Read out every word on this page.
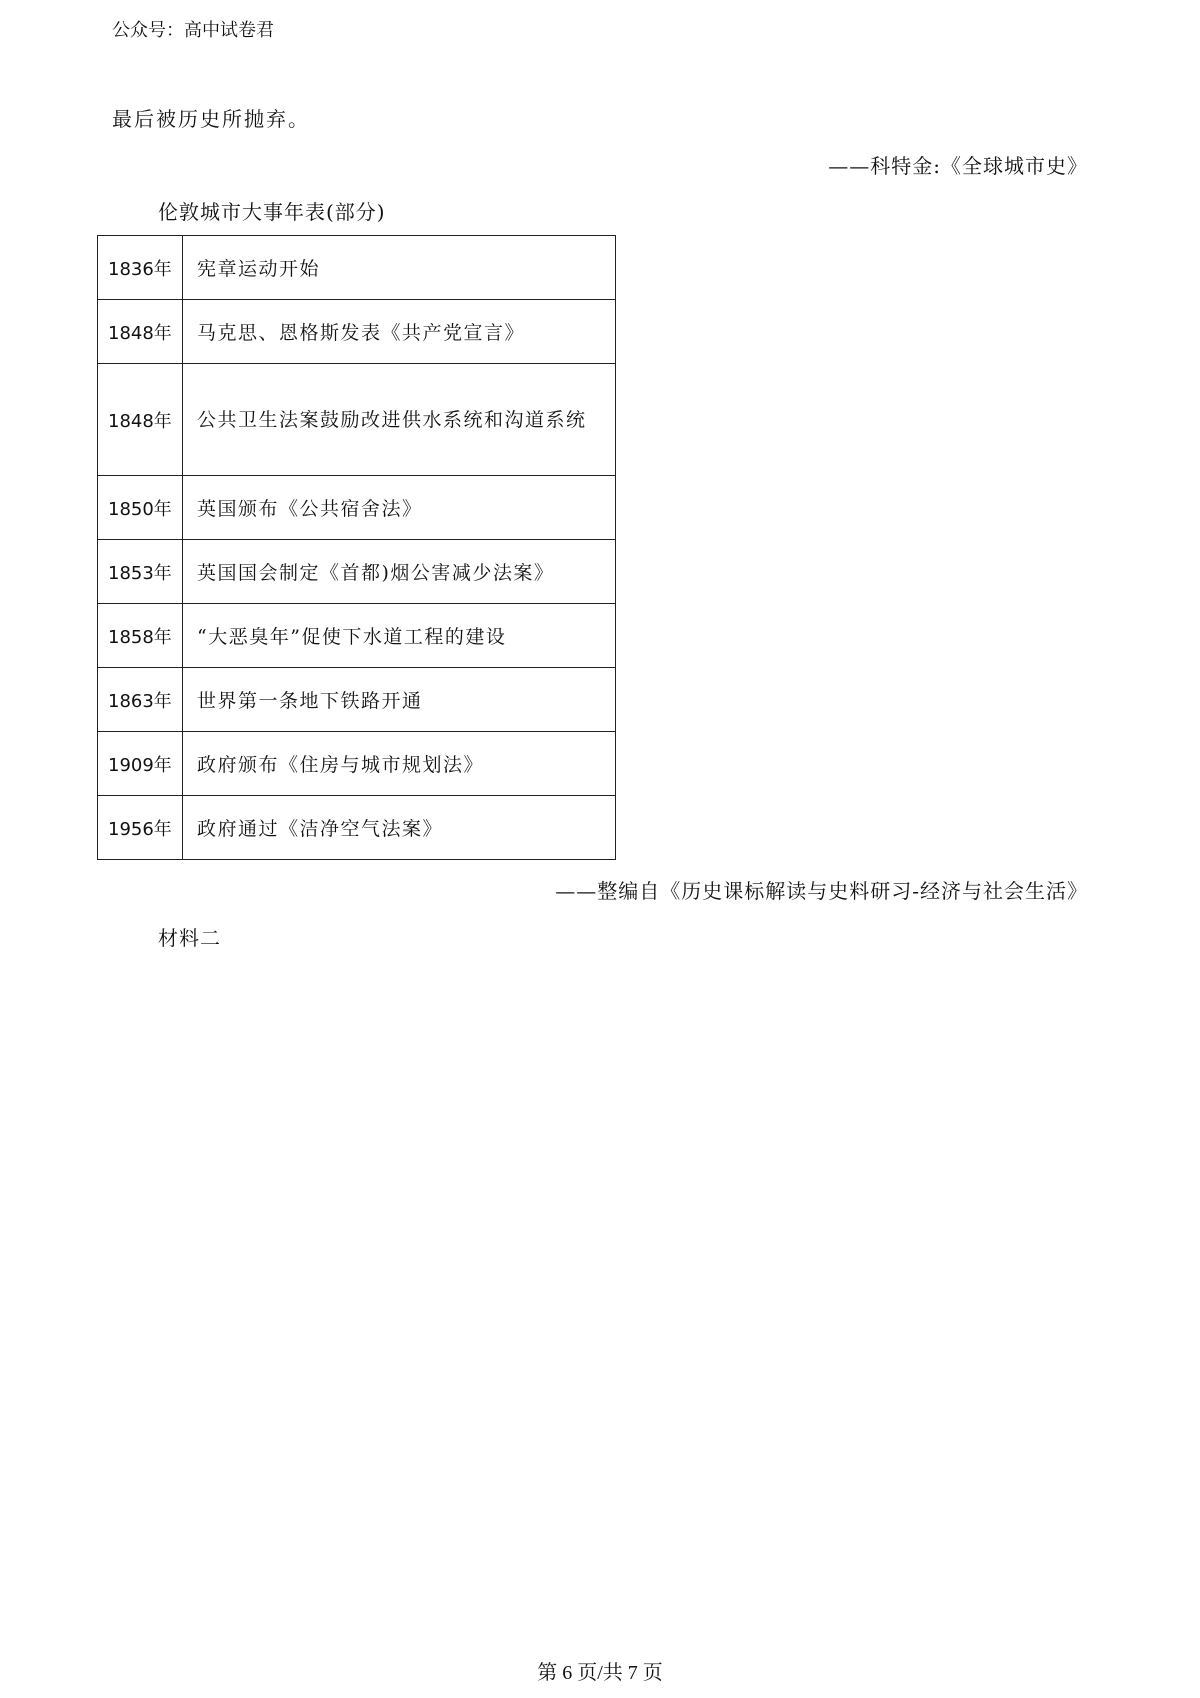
公众号：高中试卷君
最后被历史所抛弃。
——科特金:《全球城市史》
伦敦城市大事年表(部分)
1836年	宪章运动开始
1848年	马克思、恩格斯发表《共产党宣言》
1848年	公共卫生法案鼓励改进供水系统和沟道系统
1850年	英国颁布《公共宿舍法》
1853年	英国国会制定《首都)烟公害减少法案》
1858年	“大恶臭年”促使下水道工程的建设
1863年	世界第一条地下铁路开通
1909年	政府颁布《住房与城市规划法》
1956年	政府通过《洁净空气法案》
——整编自《历史课标解读与史料研习-经济与社会生活》
材料二
第 6 页/共 7 页
